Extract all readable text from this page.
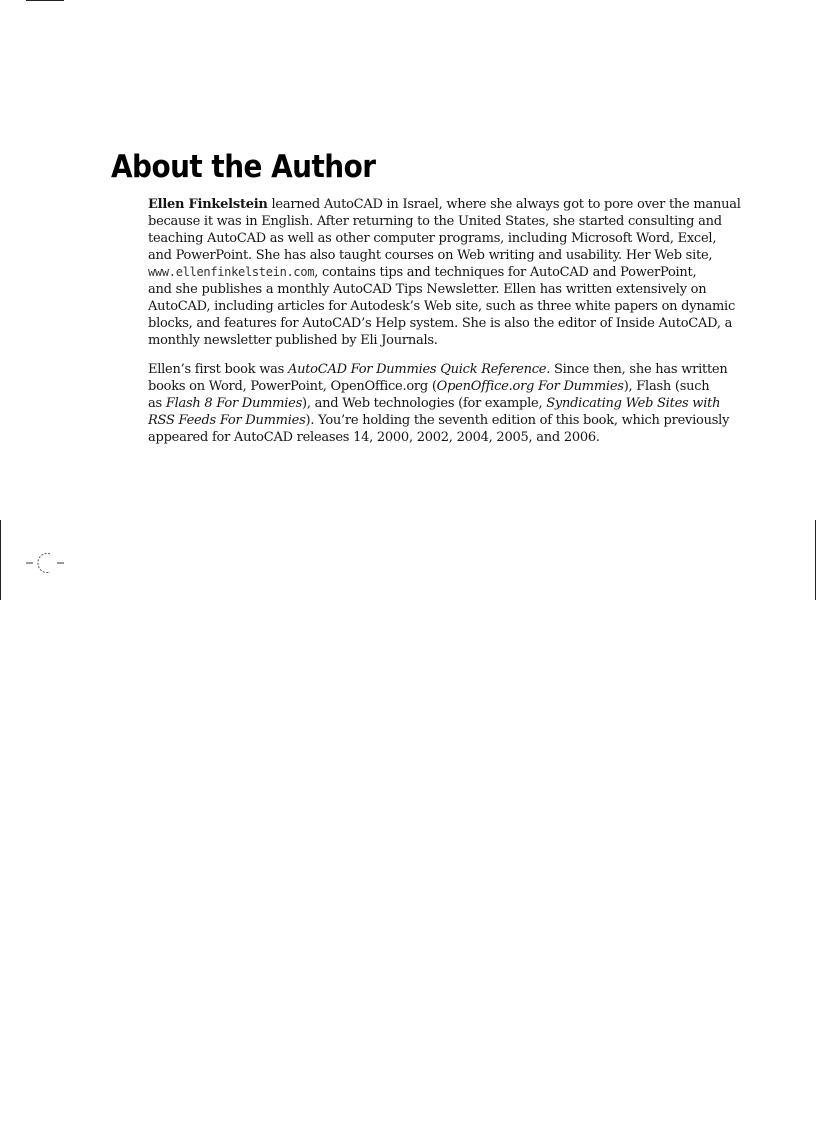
About the Author

Ellen Finkelstein learned AutoCAD in Israel, where she always got to pore over the manual
because it was in English. After returning to the United States, she started consulting and
teaching AutoCAD as well as other computer programs, including Microsoft Word, Excel,
and PowerPoint. She has also taught courses on Web writing and usability. Her Web site,
www.ellenfinkelstein.com, contains tips and techniques for AutoCAD and PowerPoint,
and she publishes a monthly AutoCAD Tips Newsletter. Ellen has written extensively on
AutoCAD, including articles for Autodesk’s Web site, such as three white papers on dynamic
blocks, and features for AutoCAD’s Help system. She is also the editor of Inside AutoCAD, a
monthly newsletter published by Eli Journals.

Ellen’s first book was AutoCAD For Dummies Quick Reference. Since then, she has written
books on Word, PowerPoint, OpenOffice.org (OpenOffice.org For Dummies), Flash (such
as Flash 8 For Dummies), and Web technologies (for example, Syndicating Web Sites with
RSS Feeds For Dummies). You’re holding the seventh edition of this book, which previously
appeared for AutoCAD releases 14, 2000, 2002, 2004, 2005, and 2006.
